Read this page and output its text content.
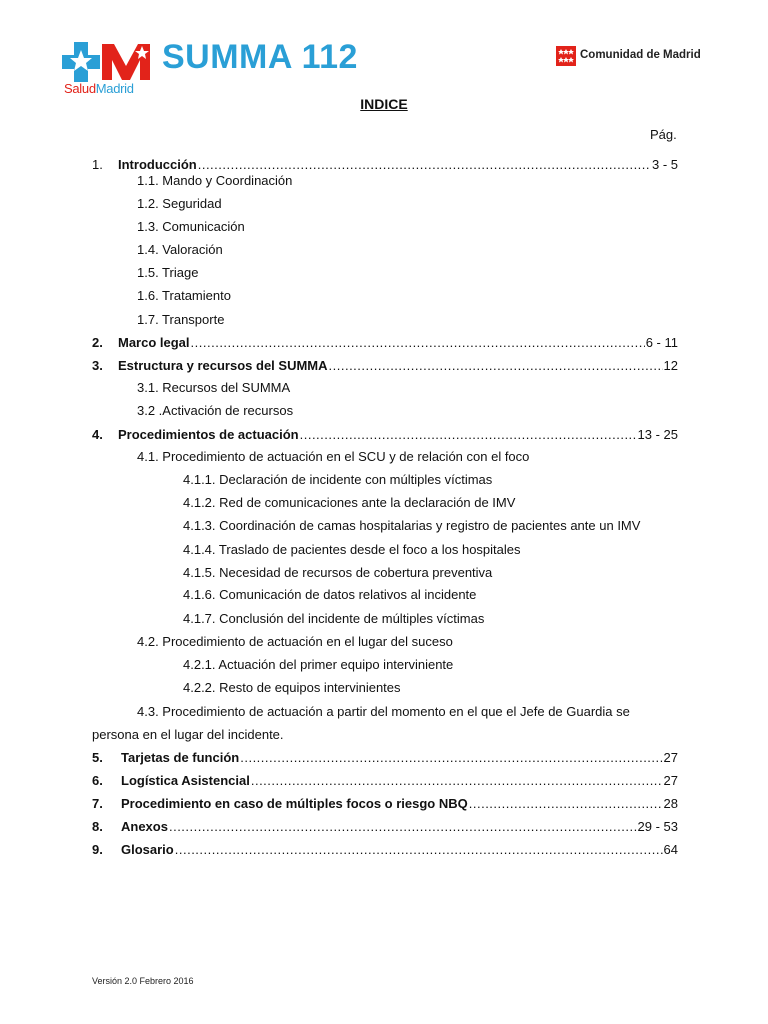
SUMMA 112
SaludMadrid
Comunidad de Madrid
INDICE
Pág.
1. Introducción .....	3 - 5
1.1. Mando y Coordinación
1.2. Seguridad
1.3. Comunicación
1.4. Valoración
1.5. Triage
1.6. Tratamiento
1.7. Transporte
2. Marco legal .....	6 - 11
3. Estructura y recursos del SUMMA .....	12
3.1. Recursos del SUMMA
3.2 .Activación de recursos
4. Procedimientos de actuación .....	13 - 25
4.1. Procedimiento de actuación en el SCU y de relación con el foco
4.1.1. Declaración de incidente con múltiples víctimas
4.1.2. Red de comunicaciones ante la declaración de IMV
4.1.3. Coordinación de camas hospitalarias y registro de pacientes ante un IMV
4.1.4. Traslado de pacientes desde el foco a los hospitales
4.1.5. Necesidad de recursos de cobertura preventiva
4.1.6. Comunicación de datos relativos al incidente
4.1.7. Conclusión del incidente de múltiples víctimas
4.2. Procedimiento de actuación en el lugar del suceso
4.2.1. Actuación del primer equipo interviniente
4.2.2. Resto de equipos intervinientes
4.3. Procedimiento de actuación a partir del momento en el que el Jefe de Guardia se
persona en el lugar del incidente.
5. Tarjetas de función .....	27
6. Logística Asistencial .....	27
7. Procedimiento en caso de múltiples focos o riesgo NBQ .....	28
8. Anexos .....	29 - 53
9. Glosario .....	64
Versión 2.0 Febrero 2016
